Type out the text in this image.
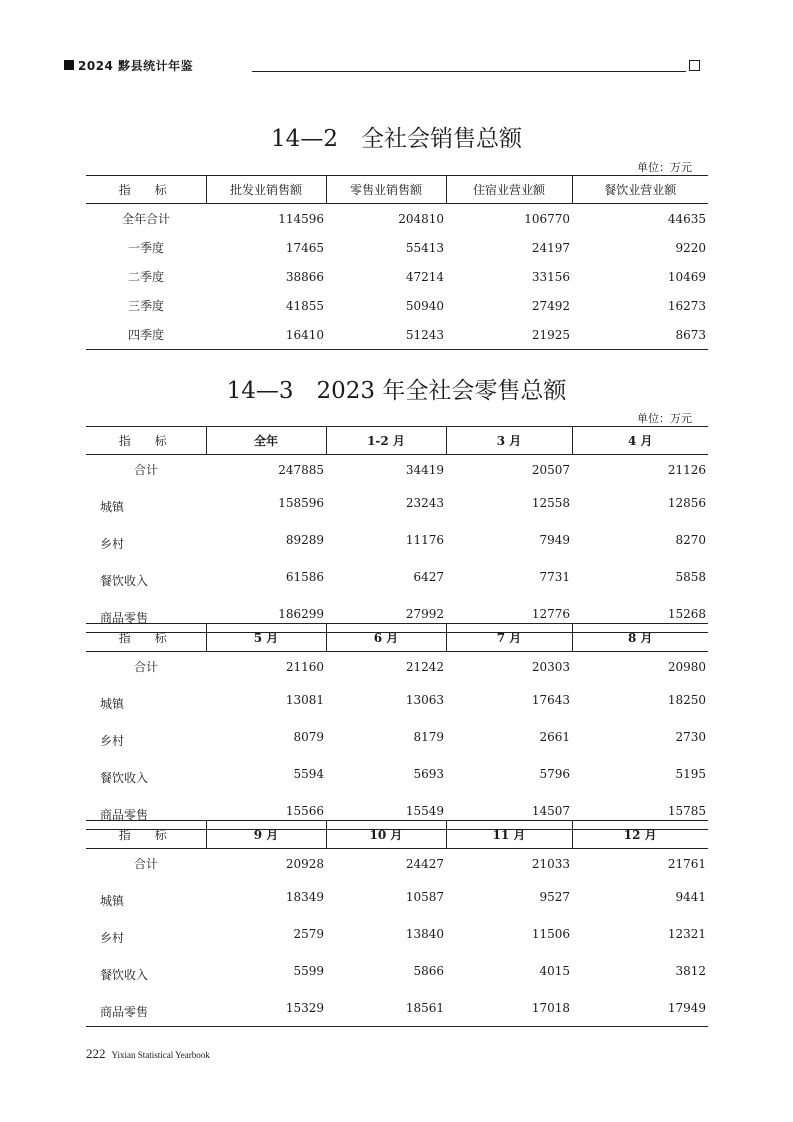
2024 黟县统计年鉴
14—2　全社会销售总额
单位：万元
指　标	批发业销售额	零售业销售额	住宿业营业额	餐饮业营业额
全年合计	114596	204810	106770	44635
一季度	17465	55413	24197	9220
二季度	38866	47214	33156	10469
三季度	41855	50940	27492	16273
四季度	16410	51243	21925	8673
14—3　2023 年全社会零售总额
单位：万元
指　标	全年	1-2 月	3 月	4 月
合计	247885	34419	20507	21126
城镇	158596	23243	12558	12856
乡村	89289	11176	7949	8270
餐饮收入	61586	6427	7731	5858
商品零售	186299	27992	12776	15268
指　标	5 月	6 月	7 月	8 月
合计	21160	21242	20303	20980
城镇	13081	13063	17643	18250
乡村	8079	8179	2661	2730
餐饮收入	5594	5693	5796	5195
商品零售	15566	15549	14507	15785
指　标	9 月	10 月	11 月	12 月
合计	20928	24427	21033	21761
城镇	18349	10587	9527	9441
乡村	2579	13840	11506	12321
餐饮收入	5599	5866	4015	3812
商品零售	15329	18561	17018	17949
222 Yixian Statistical Yearbook
